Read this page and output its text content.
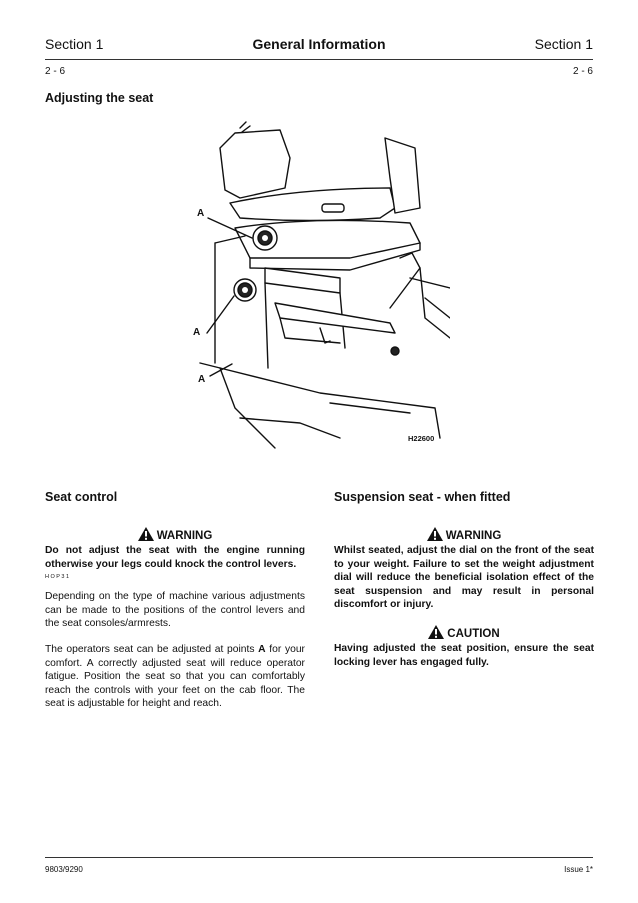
Section 1	General Information	Section 1
2 - 6	2 - 6
Adjusting the seat
A
A
A
H22600
Seat control
WARNING

Do not adjust the seat with the engine running otherwise your legs could knock the control levers.

HOP31

Depending on the type of machine various adjustments can be made to the positions of the control levers and the seat consoles/armrests.

The operators seat can be adjusted at points A for your comfort. A correctly adjusted seat will reduce operator fatigue. Position the seat so that you can comfortably reach the controls with your feet on the cab floor. The seat is adjustable for height and reach.

Suspension seat - when fitted
WARNING

Whilst seated, adjust the dial on the front of the seat to your weight. Failure to set the weight adjustment dial will reduce the beneficial isolation effect of the seat suspension and may result in personal discomfort or injury.

CAUTION

Having adjusted the seat position, ensure the seat locking lever has engaged fully.

9803/9290	Issue 1*
